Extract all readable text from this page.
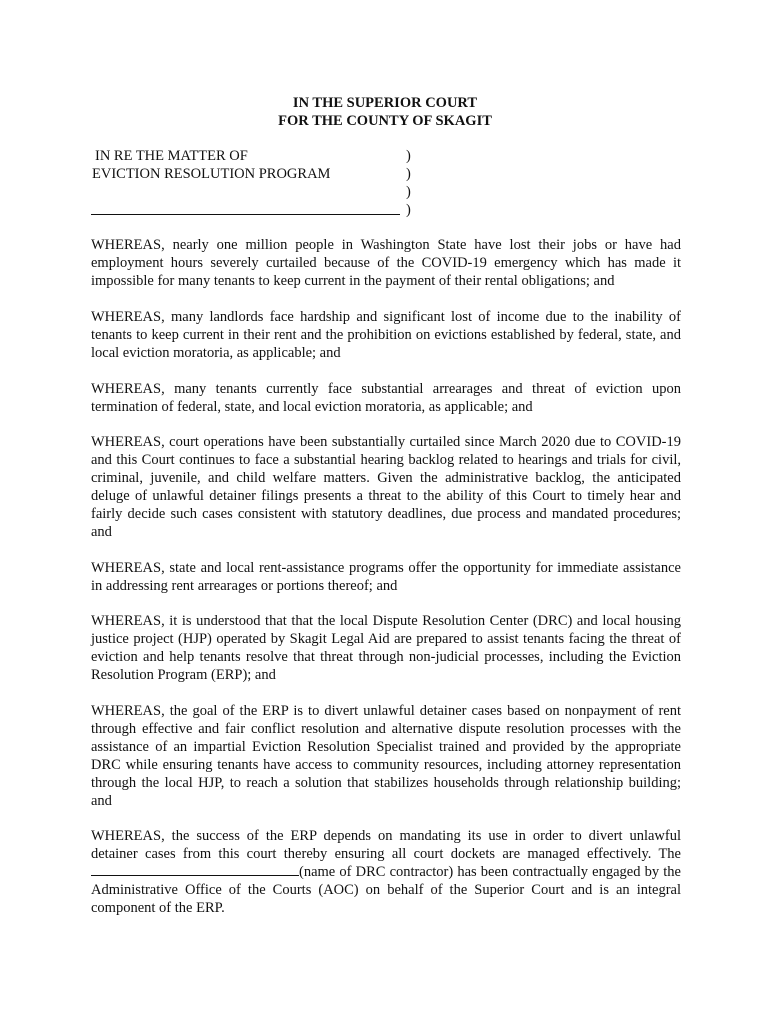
IN THE SUPERIOR COURT
FOR THE COUNTY OF SKAGIT
IN RE THE MATTER OF
EVICTION RESOLUTION PROGRAM
)
)
)
)

WHEREAS, nearly one million people in Washington State have lost their jobs or have had employment hours severely curtailed because of the COVID-19 emergency which has made it impossible for many tenants to keep current in the payment of their rental obligations; and

WHEREAS, many landlords face hardship and significant lost of income due to the inability of tenants to keep current in their rent and the prohibition on evictions established by federal, state, and local eviction moratoria, as applicable; and

WHEREAS, many tenants currently face substantial arrearages and threat of eviction upon termination of federal, state, and local eviction moratoria, as applicable; and

WHEREAS, court operations have been substantially curtailed since March 2020 due to COVID-19 and this Court continues to face a substantial hearing backlog related to hearings and trials for civil, criminal, juvenile, and child welfare matters. Given the administrative backlog, the anticipated deluge of unlawful detainer filings presents a threat to the ability of this Court to timely hear and fairly decide such cases consistent with statutory deadlines, due process and mandated procedures; and

WHEREAS, state and local rent-assistance programs offer the opportunity for immediate assistance in addressing rent arrearages or portions thereof; and

WHEREAS, it is understood that that the local Dispute Resolution Center (DRC) and local housing justice project (HJP) operated by Skagit Legal Aid are prepared to assist tenants facing the threat of eviction and help tenants resolve that threat through non-judicial processes, including the Eviction Resolution Program (ERP); and

WHEREAS, the goal of the ERP is to divert unlawful detainer cases based on nonpayment of rent through effective and fair conflict resolution and alternative dispute resolution processes with the assistance of an impartial Eviction Resolution Specialist trained and provided by the appropriate DRC while ensuring tenants have access to community resources, including attorney representation through the local HJP, to reach a solution that stabilizes households through relationship building; and

WHEREAS, the success of the ERP depends on mandating its use in order to divert unlawful detainer cases from this court thereby ensuring all court dockets are managed effectively. The (name of DRC contractor) has been contractually engaged by the Administrative Office of the Courts (AOC) on behalf of the Superior Court and is an integral component of the ERP.
